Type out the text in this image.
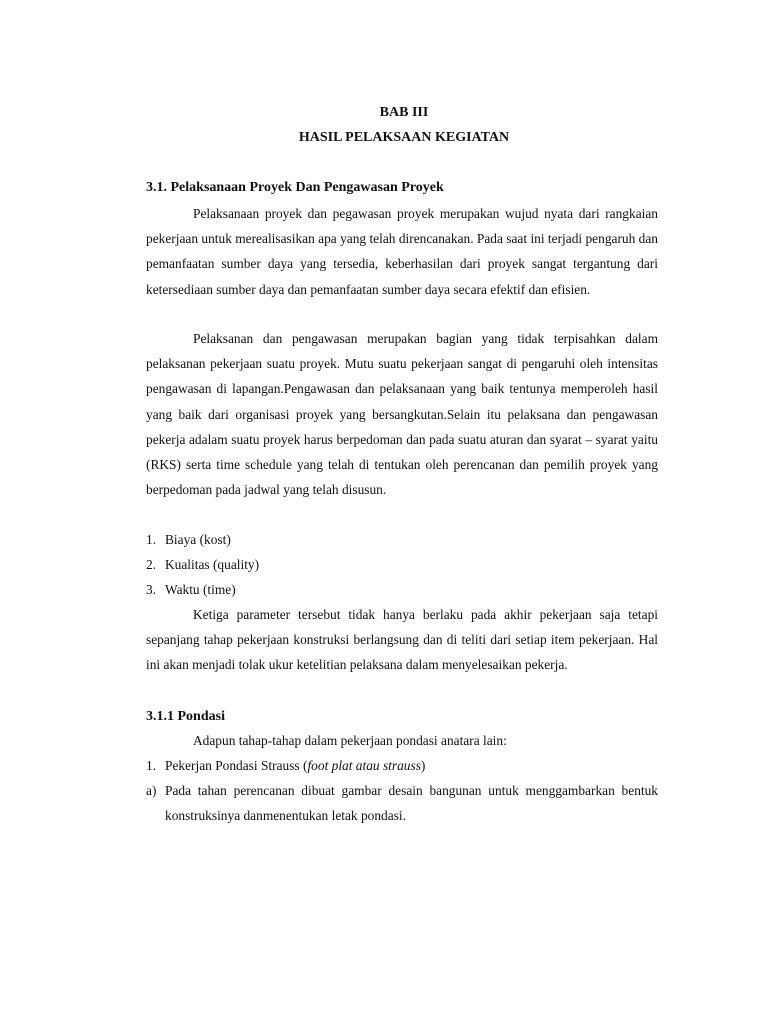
BAB III
HASIL PELAKSAAN KEGIATAN
3.1. Pelaksanaan Proyek Dan Pengawasan Proyek

Pelaksanaan proyek dan pegawasan proyek merupakan wujud nyata dari rangkaian pekerjaan untuk merealisasikan apa yang telah direncanakan. Pada saat ini terjadi pengaruh dan pemanfaatan sumber daya yang tersedia, keberhasilan dari proyek sangat tergantung dari ketersediaan sumber daya dan pemanfaatan sumber daya secara efektif dan efisien.

Pelaksanan dan pengawasan merupakan bagian yang tidak terpisahkan dalam pelaksanan pekerjaan suatu proyek. Mutu suatu pekerjaan sangat di pengaruhi oleh intensitas pengawasan di lapangan.Pengawasan dan pelaksanaan yang baik tentunya memperoleh hasil yang baik dari organisasi proyek yang bersangkutan.Selain itu pelaksana dan pengawasan pekerja adalam suatu proyek harus berpedoman dan pada suatu aturan dan syarat – syarat yaitu (RKS) serta time schedule yang telah di tentukan oleh perencanan dan pemilih proyek yang berpedoman pada jadwal yang telah disusun.

1. Biaya (kost)
2. Kualitas (quality)
3. Waktu (time)

Ketiga parameter tersebut tidak hanya berlaku pada akhir pekerjaan saja tetapi sepanjang tahap pekerjaan konstruksi berlangsung dan di teliti dari setiap item pekerjaan. Hal ini akan menjadi tolak ukur ketelitian pelaksana dalam menyelesaikan pekerja.

3.1.1 Pondasi

Adapun tahap-tahap dalam pekerjaan pondasi anatara lain:

1. Pekerjan Pondasi Strauss (foot plat atau strauss)
a) Pada tahan perencanan dibuat gambar desain bangunan untuk menggambarkan bentuk konstruksinya danmenentukan letak pondasi.
